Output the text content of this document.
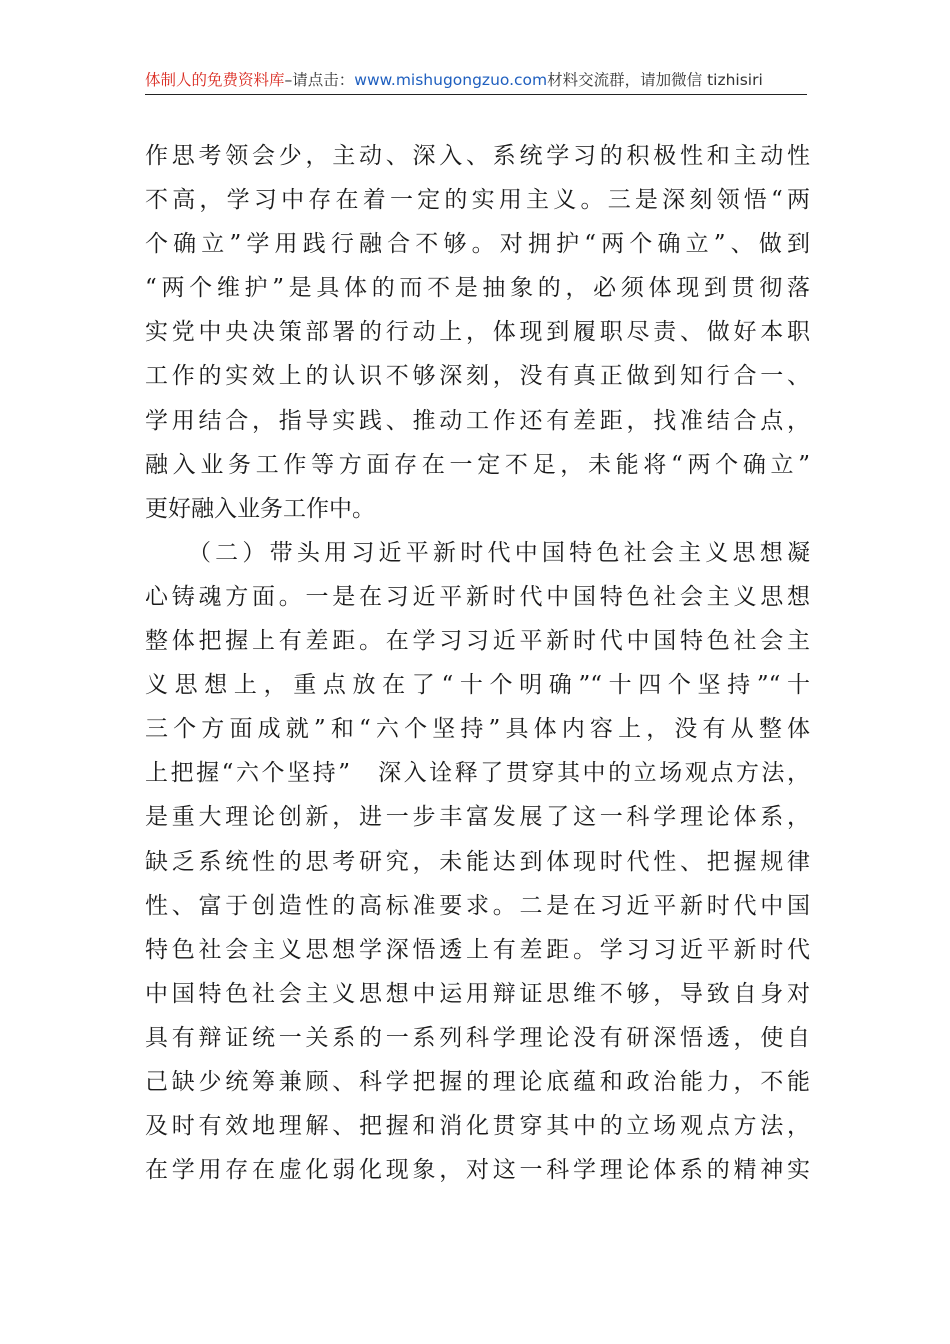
体制人的免费资料库–请点击：www.mishugongzuo.com材料交流群，请加微信 tizhisiri
作思考领会少，主动、深入、系统学习的积极性和主动性
不高，学习中存在着一定的实用主义。三是深刻领悟“两
个确立”学用践行融合不够。对拥护“两个确立”、做到
“两个维护”是具体的而不是抽象的，必须体现到贯彻落
实党中央决策部署的行动上，体现到履职尽责、做好本职
工作的实效上的认识不够深刻，没有真正做到知行合一、
学用结合，指导实践、推动工作还有差距，找准结合点，
融入业务工作等方面存在一定不足，未能将“两个确立”
更好融入业务工作中。
　　（二）带头用习近平新时代中国特色社会主义思想凝
心铸魂方面。一是在习近平新时代中国特色社会主义思想
整体把握上有差距。在学习习近平新时代中国特色社会主
义思想上，重点放在了“十个明确”“十四个坚持”“十
三个方面成就”和“六个坚持”具体内容上，没有从整体
上把握“六个坚持”　深入诠释了贯穿其中的立场观点方法，
是重大理论创新，进一步丰富发展了这一科学理论体系，
缺乏系统性的思考研究，未能达到体现时代性、把握规律
性、富于创造性的高标准要求。二是在习近平新时代中国
特色社会主义思想学深悟透上有差距。学习习近平新时代
中国特色社会主义思想中运用辩证思维不够，导致自身对
具有辩证统一关系的一系列科学理论没有研深悟透，使自
己缺少统筹兼顾、科学把握的理论底蕴和政治能力，不能
及时有效地理解、把握和消化贯穿其中的立场观点方法，
在学用存在虚化弱化现象，对这一科学理论体系的精神实
